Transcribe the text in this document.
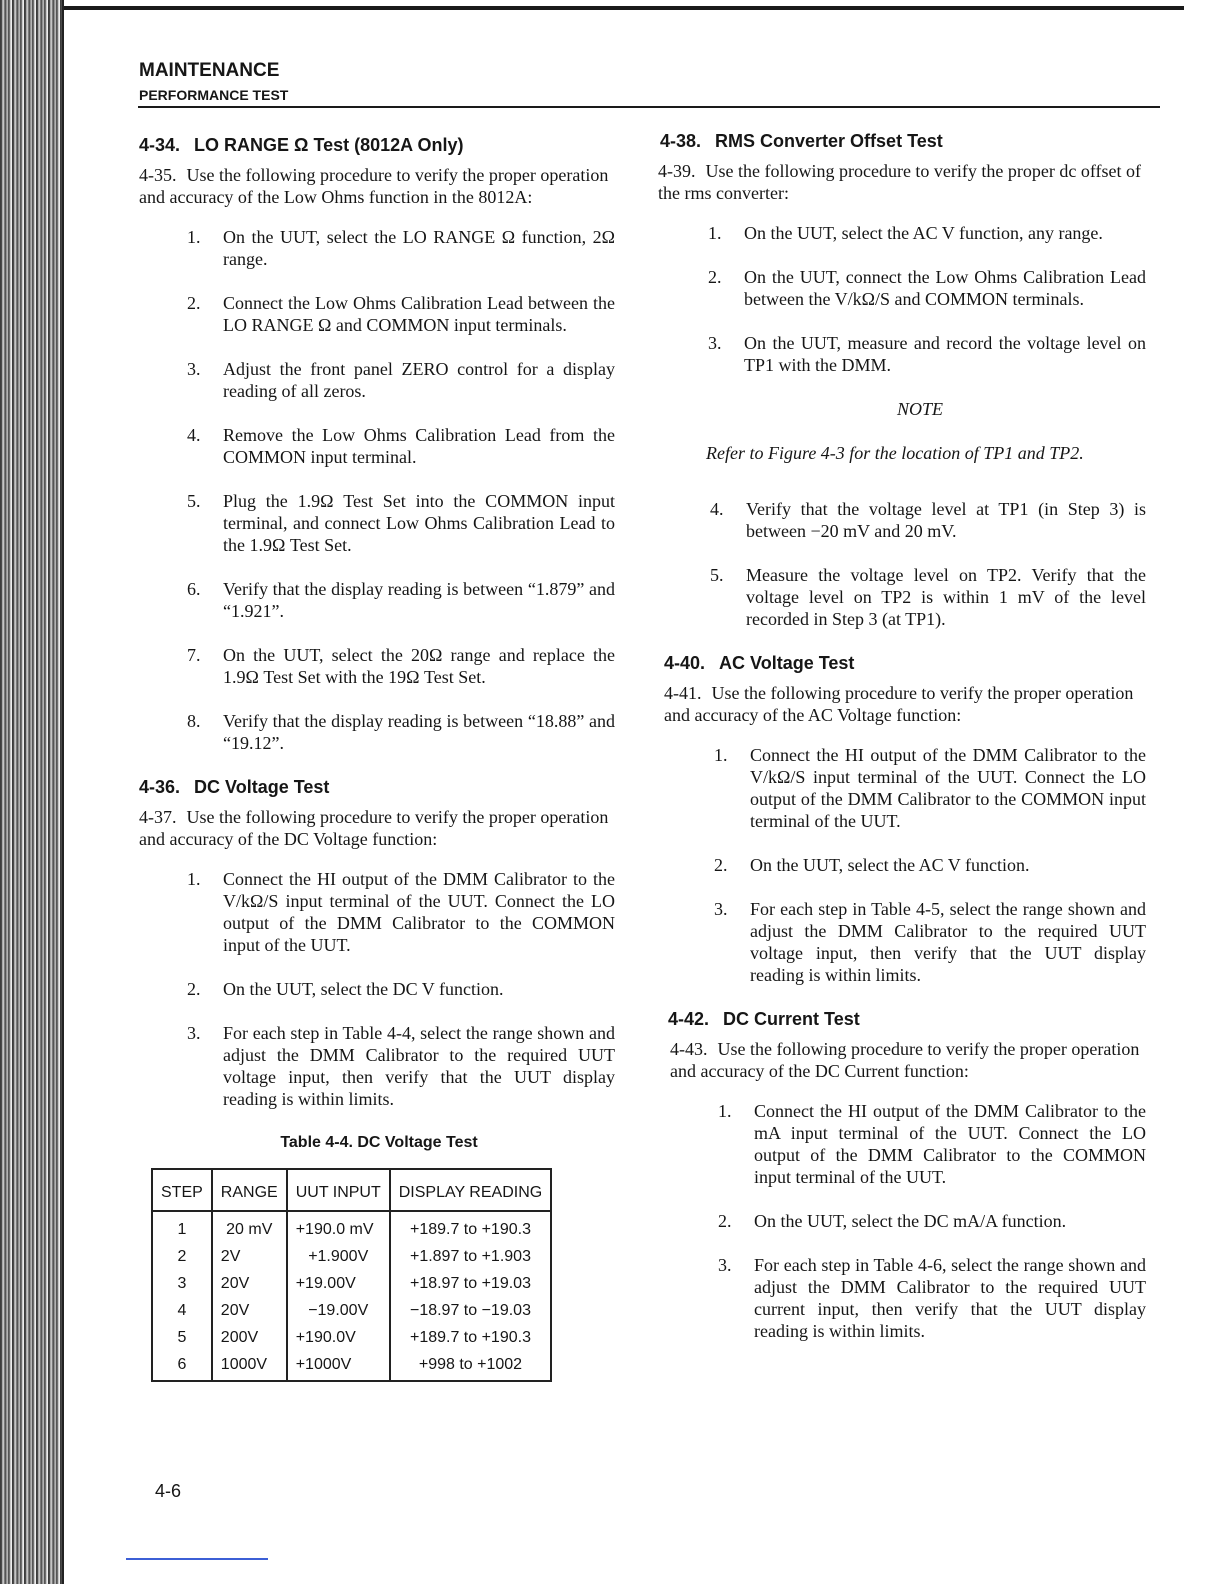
MAINTENANCE
PERFORMANCE TEST
4-34. LO RANGE Ω Test (8012A Only)

4-35. Use the following procedure to verify the proper operation and accuracy of the Low Ohms function in the 8012A:

1. On the UUT, select the LO RANGE Ω function, 2Ω range.
2. Connect the Low Ohms Calibration Lead between the LO RANGE Ω and COMMON input terminals.
3. Adjust the front panel ZERO control for a display reading of all zeros.
4. Remove the Low Ohms Calibration Lead from the COMMON input terminal.
5. Plug the 1.9Ω Test Set into the COMMON input terminal, and connect Low Ohms Calibration Lead to the 1.9Ω Test Set.
6. Verify that the display reading is between “1.879” and “1.921”.
7. On the UUT, select the 20Ω range and replace the 1.9Ω Test Set with the 19Ω Test Set.
8. Verify that the display reading is between “18.88” and “19.12”.
4-36. DC Voltage Test

4-37. Use the following procedure to verify the proper operation and accuracy of the DC Voltage function:

1. Connect the HI output of the DMM Calibrator to the V/kΩ/S input terminal of the UUT. Connect the LO output of the DMM Calibrator to the COMMON input of the UUT.
2. On the UUT, select the DC V function.
3. For each step in Table 4-4, select the range shown and adjust the DMM Calibrator to the required UUT voltage input, then verify that the UUT display reading is within limits.
Table 4-4. DC Voltage Test
STEP	RANGE	UUT INPUT	DISPLAY READING
1	20 mV	+190.0 mV	+189.7 to +190.3
2	2V	+1.900V	+1.897 to +1.903
3	20V	+19.00V	+18.97 to +19.03
4	20V	−19.00V	−18.97 to −19.03
5	200V	+190.0V	+189.7 to +190.3
6	1000V	+1000V	+998 to +1002
4-38. RMS Converter Offset Test

4-39. Use the following procedure to verify the proper dc offset of the rms converter:

1. On the UUT, select the AC V function, any range.
2. On the UUT, connect the Low Ohms Calibration Lead between the V/kΩ/S and COMMON terminals.
3. On the UUT, measure and record the voltage level on TP1 with the DMM.
NOTE
Refer to Figure 4-3 for the location of TP1 and TP2.
4. Verify that the voltage level at TP1 (in Step 3) is between −20 mV and 20 mV.
5. Measure the voltage level on TP2. Verify that the voltage level on TP2 is within 1 mV of the level recorded in Step 3 (at TP1).
4-40. AC Voltage Test

4-41. Use the following procedure to verify the proper operation and accuracy of the AC Voltage function:

1. Connect the HI output of the DMM Calibrator to the V/kΩ/S input terminal of the UUT. Connect the LO output of the DMM Calibrator to the COMMON input terminal of the UUT.
2. On the UUT, select the AC V function.
3. For each step in Table 4-5, select the range shown and adjust the DMM Calibrator to the required UUT voltage input, then verify that the UUT display reading is within limits.
4-42. DC Current Test

4-43. Use the following procedure to verify the proper operation and accuracy of the DC Current function:

1. Connect the HI output of the DMM Calibrator to the mA input terminal of the UUT. Connect the LO output of the DMM Calibrator to the COMMON input terminal of the UUT.
2. On the UUT, select the DC mA/A function.
3. For each step in Table 4-6, select the range shown and adjust the DMM Calibrator to the required UUT current input, then verify that the UUT display reading is within limits.
4-6
